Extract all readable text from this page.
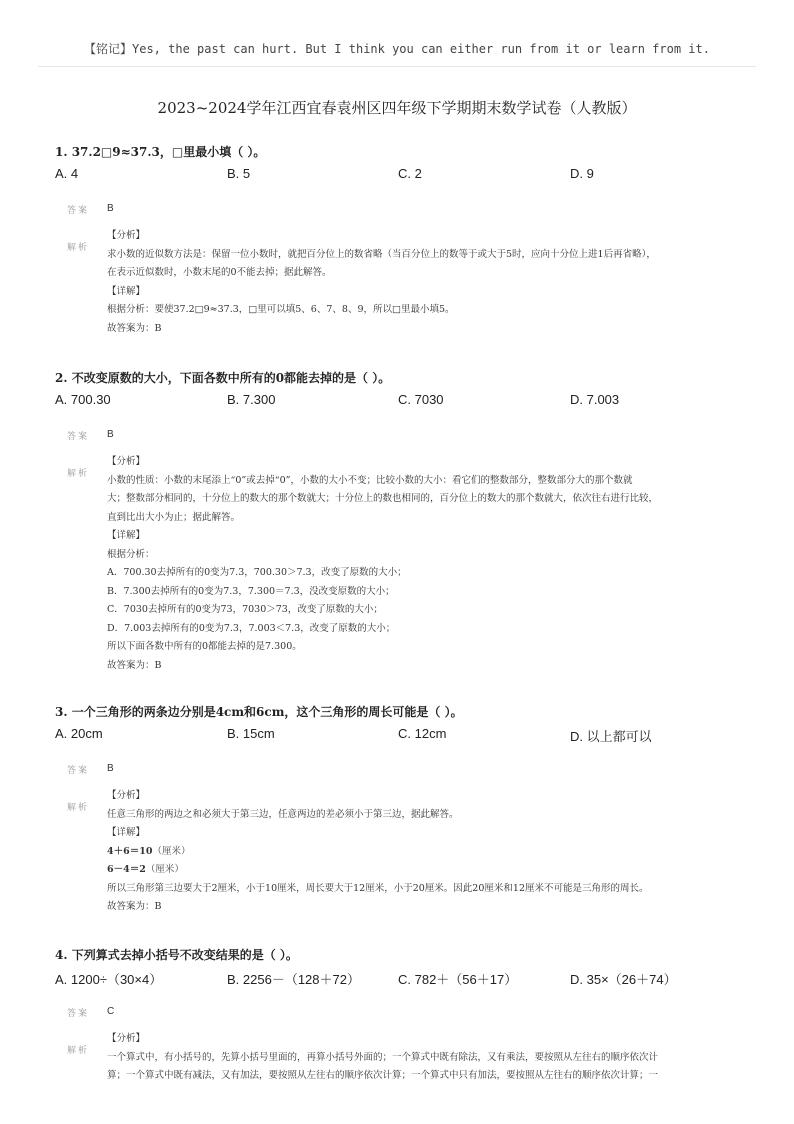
【铭记】Yes, the past can hurt. But I think you can either run from it or learn from it.
2023~2024学年江西宜春袁州区四年级下学期期末数学试卷（人教版）
1. 37.2□9≈37.3，□里最小填（ ）。
A. 4	B. 5	C. 2	D. 9
答案 B
解析
【分析】
求小数的近似数方法是：保留一位小数时，就把百分位上的数省略（当百分位上的数等于或大于5时，应向十分位上进1后再省略），
在表示近似数时，小数末尾的0不能去掉；据此解答。
【详解】
根据分析：要使37.2□9≈37.3，□里可以填5、6、7、8、9，所以□里最小填5。
故答案为：B
2. 不改变原数的大小，下面各数中所有的0都能去掉的是（ ）。
A. 700.30	B. 7.300	C. 7030	D. 7.003
答案 B
解析
【分析】
小数的性质：小数的末尾添上“0”或去掉“0”，小数的大小不变；比较小数的大小：看它们的整数部分，整数部分大的那个数就
大；整数部分相同的，十分位上的数大的那个数就大；十分位上的数也相同的，百分位上的数大的那个数就大，依次往右进行比较，
直到比出大小为止；据此解答。
【详解】
根据分析：
A．700.30去掉所有的0变为7.3，700.30＞7.3，改变了原数的大小；
B．7.300去掉所有的0变为7.3，7.300＝7.3，没改变原数的大小；
C．7030去掉所有的0变为73，7030＞73，改变了原数的大小；
D．7.003去掉所有的0变为7.3，7.003＜7.3，改变了原数的大小；
所以下面各数中所有的0都能去掉的是7.300。
故答案为：B
3. 一个三角形的两条边分别是4cm和6cm，这个三角形的周长可能是（ ）。
A. 20cm	B. 15cm	C. 12cm	D. 以上都可以
答案 B
解析
【分析】
任意三角形的两边之和必须大于第三边，任意两边的差必须小于第三边，据此解答。
【详解】
4＋6＝10（厘米）
6－4＝2（厘米）
所以三角形第三边要大于2厘米，小于10厘米，周长要大于12厘米，小于20厘米。因此20厘米和12厘米不可能是三角形的周长。
故答案为：B
4. 下列算式去掉小括号不改变结果的是（ ）。
A. 1200÷（30×4）	B. 2256－（128＋72）	C. 782＋（56＋17）	D. 35×（26＋74）
答案 C
解析
【分析】
一个算式中，有小括号的，先算小括号里面的，再算小括号外面的；一个算式中既有除法，又有乘法，要按照从左往右的顺序依次计
算；一个算式中既有减法，又有加法，要按照从左往右的顺序依次计算；一个算式中只有加法，要按照从左往右的顺序依次计算；一
